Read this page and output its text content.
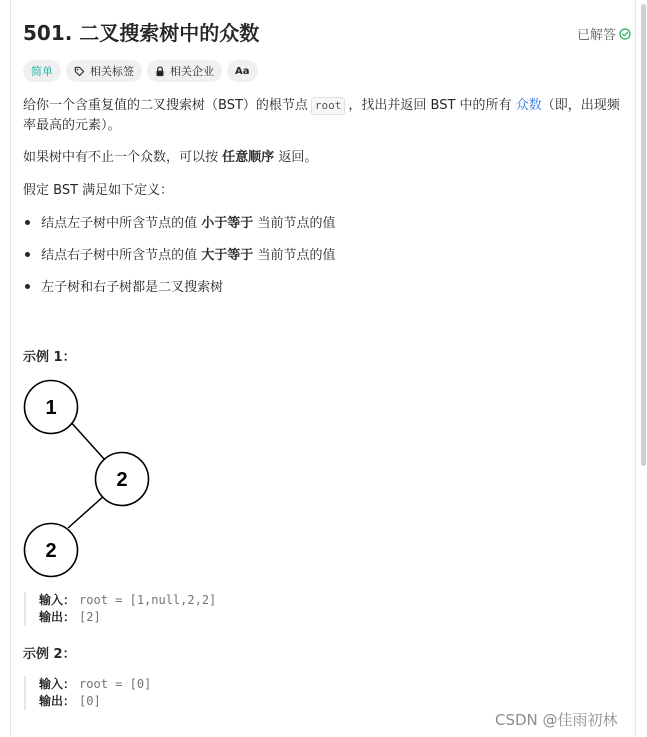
501. 二叉搜索树中的众数	已解答
简单	相关标签	相关企业 Aa
给你一个含重复值的二叉搜索树（BST）的根节点 root ，找出并返回 BST 中的所有 众数（即，出现频率最高的元素）。
如果树中有不止一个众数，可以按 任意顺序 返回。
假定 BST 满足如下定义：
结点左子树中所含节点的值 小于等于 当前节点的值
结点右子树中所含节点的值 大于等于 当前节点的值
左子树和右子树都是二叉搜索树
示例 1：
1
2
2
输入： root = [1,null,2,2]
输出： [2]
示例 2：
输入： root = [0]
输出： [0]
CSDN @佳雨初林
